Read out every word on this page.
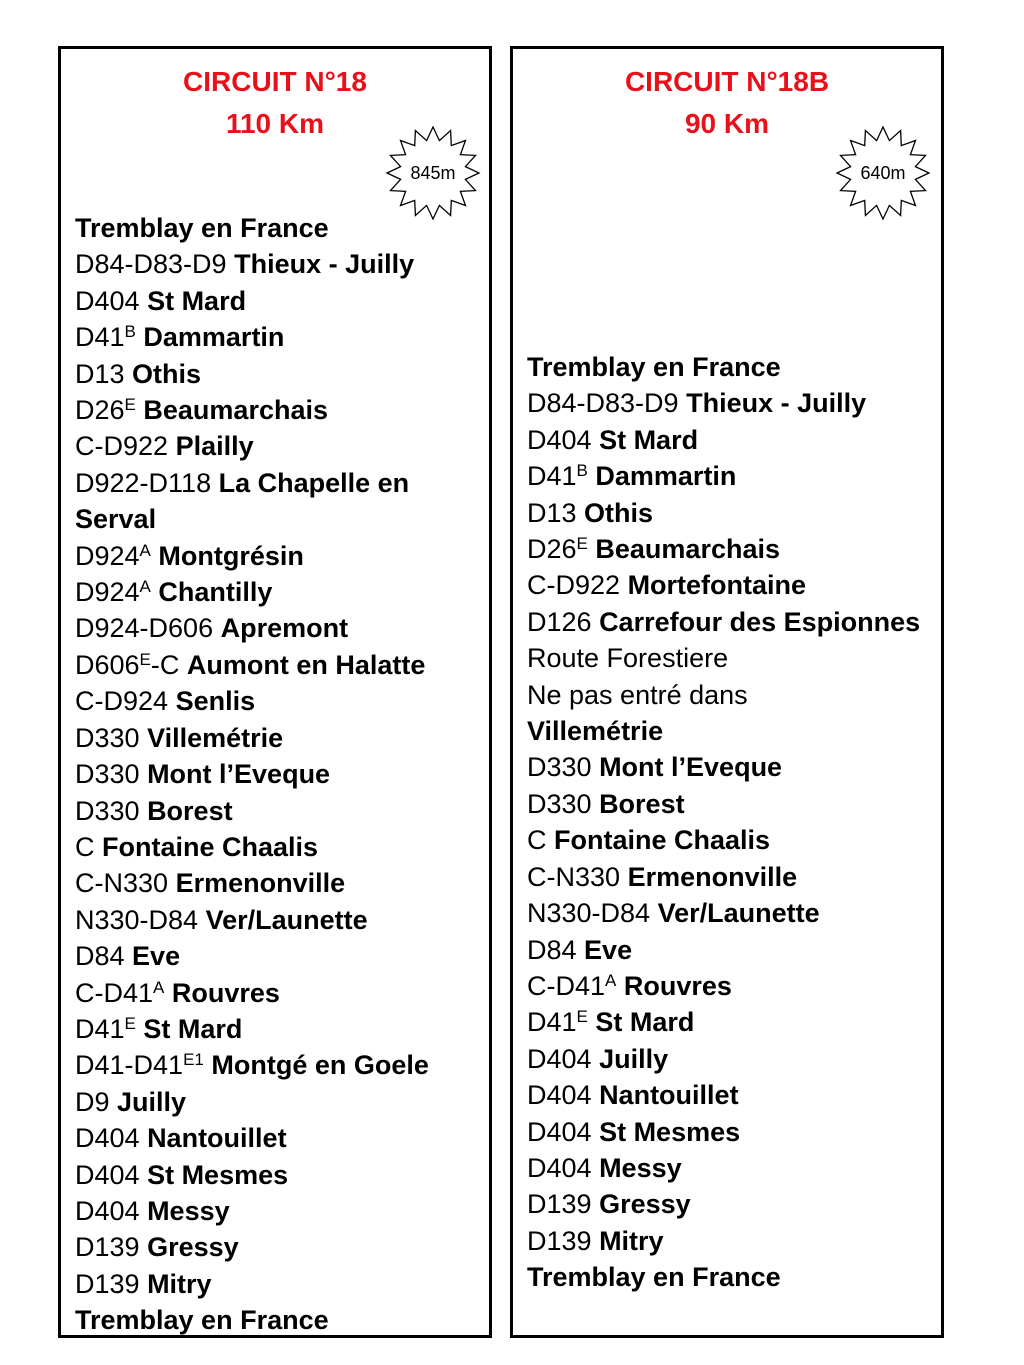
CIRCUIT N°18
110 Km
845m
Tremblay en France
D84-D83-D9 Thieux - Juilly
D404 St Mard
$D41^B$ Dammartin
D13 Othis
$D26^E$ Beaumarchais
C-D922 Plailly
D922-D118 La Chapelle en Serval
$D924^A$ Montgrésin
$D924^A$ Chantilly
D924-D606 Apremont
$D606^E-C$ Aumont en Halatte
C-D924 Senlis
D330 Villemétrie
D330 Mont l’Eveque
D330 Borest
C Fontaine Chaalis
C-N330 Ermenonville
N330-D84 Ver/Launette
D84 Eve
$C-D41^A$ Rouvres
$D41^E$ St Mard
$D41-D41^{E1}$ Montgé en Goele
D9 Juilly
D404 Nantouillet
D404 St Mesmes
D404 Messy
D139 Gressy
D139 Mitry
Tremblay en France
CIRCUIT N°18B
90 Km
640m
Tremblay en France
D84-D83-D9 Thieux - Juilly
D404 St Mard
$D41^B$ Dammartin
D13 Othis
$D26^E$ Beaumarchais
C-D922 Mortefontaine
D126 Carrefour des Espionnes
Route Forestiere
Ne pas entré dans
Villemétrie
D330 Mont l’Eveque
D330 Borest
C Fontaine Chaalis
C-N330 Ermenonville
N330-D84 Ver/Launette
D84 Eve
$C-D41^A$ Rouvres
$D41^E$ St Mard
D404 Juilly
D404 Nantouillet
D404 St Mesmes
D404 Messy
D139 Gressy
D139 Mitry
Tremblay en France
